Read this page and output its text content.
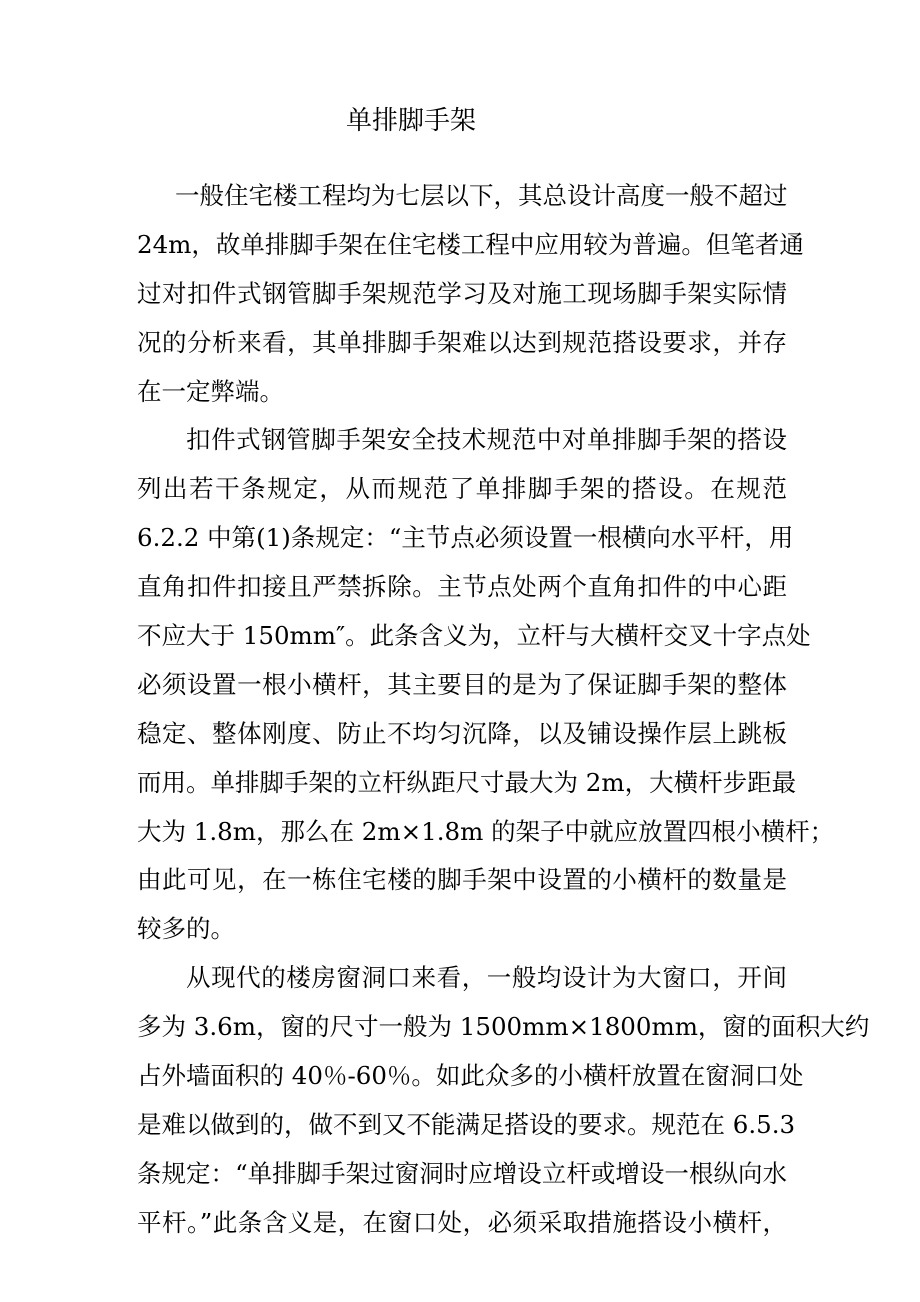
单排脚手架

一般住宅楼工程均为七层以下，其总设计高度一般不超过
24m，故单排脚手架在住宅楼工程中应用较为普遍。但笔者通
过对扣件式钢管脚手架规范学习及对施工现场脚手架实际情
况的分析来看，其单排脚手架难以达到规范搭设要求，并存
在一定弊端。

扣件式钢管脚手架安全技术规范中对单排脚手架的搭设
列出若干条规定，从而规范了单排脚手架的搭设。在规范
6.2.2 中第(1)条规定：“主节点必须设置一根横向水平杆，用
直角扣件扣接且严禁拆除。主节点处两个直角扣件的中心距
不应大于 150mm″。此条含义为，立杆与大横杆交叉十字点处
必须设置一根小横杆，其主要目的是为了保证脚手架的整体
稳定、整体刚度、防止不均匀沉降，以及铺设操作层上跳板
而用。单排脚手架的立杆纵距尺寸最大为 2m，大横杆步距最
大为 1.8m，那么在 2m×1.8m 的架子中就应放置四根小横杆；
由此可见，在一栋住宅楼的脚手架中设置的小横杆的数量是
较多的。

从现代的楼房窗洞口来看，一般均设计为大窗口，开间
多为 3.6m，窗的尺寸一般为 1500mm×1800mm，窗的面积大约
占外墙面积的 40％-60％。如此众多的小横杆放置在窗洞口处
是难以做到的，做不到又不能满足搭设的要求。规范在 6.5.3
条规定：“单排脚手架过窗洞时应增设立杆或增设一根纵向水
平杆。”此条含义是，在窗口处，必须采取措施搭设小横杆，
